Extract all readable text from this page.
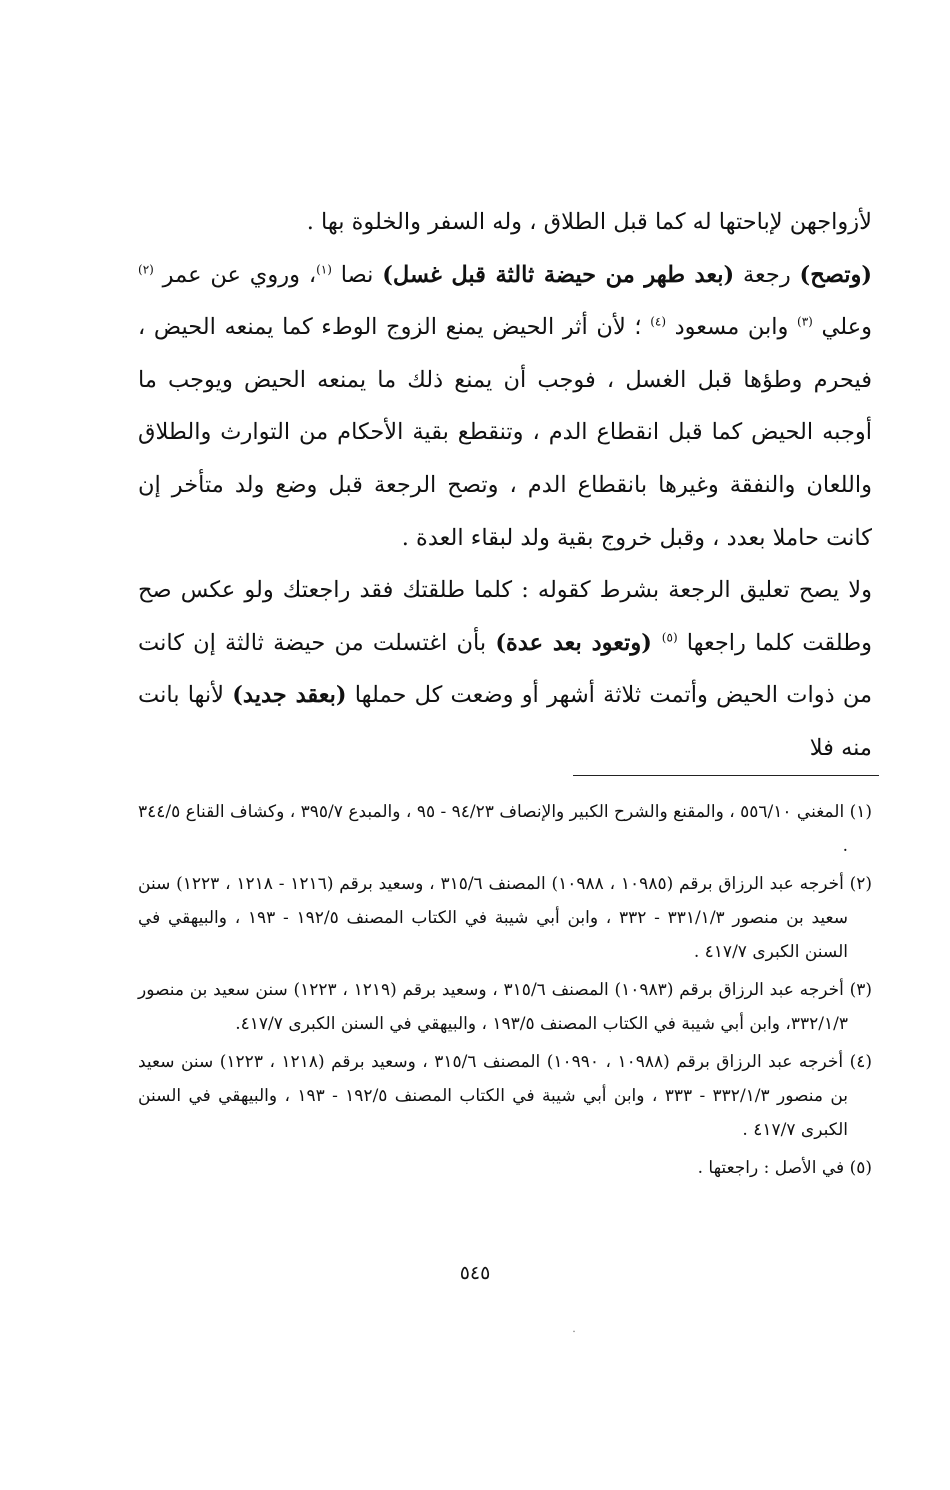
لأزواجهن لإباحتها له كما قبل الطلاق ، وله السفر والخلوة بها .

(وتصح) رجعة (بعد طهر من حيضة ثالثة قبل غسل) نصا $^{(١)}$، وروي عن عمر $^{(٢)}$ وعلي $^{(٣)}$ وابن مسعود $^{(٤)}$ ؛ لأن أثر الحيض يمنع الزوج الوطء كما يمنعه الحيض ، فيحرم وطؤها قبل الغسل ، فوجب أن يمنع ذلك ما يمنعه الحيض ويوجب ما أوجبه الحيض كما قبل انقطاع الدم ، وتنقطع بقية الأحكام من التوارث والطلاق واللعان والنفقة وغيرها بانقطاع الدم ، وتصح الرجعة قبل وضع ولد متأخر إن كانت حاملا بعدد ، وقبل خروج بقية ولد لبقاء العدة .

ولا يصح تعليق الرجعة بشرط كقوله : كلما طلقتك فقد راجعتك ولو عكس صح وطلقت كلما راجعها $^{(٥)}$ (وتعود بعد عدة) بأن اغتسلت من حيضة ثالثة إن كانت من ذوات الحيض وأتمت ثلاثة أشهر أو وضعت كل حملها (بعقد جديد) لأنها بانت منه فلا

(١) المغني ٥٥٦/١٠ ، والمقنع والشرح الكبير والإنصاف ٩٤/٢٣ - ٩٥ ، والمبدع ٣٩٥/٧ ، وكشاف القناع ٣٤٤/٥ .

(٢) أخرجه عبد الرزاق برقم (١٠٩٨٥ ، ١٠٩٨٨) المصنف ٣١٥/٦ ، وسعيد برقم (١٢١٦ - ١٢١٨ ، ١٢٢٣) سنن سعيد بن منصور ٣٣١/١/٣ - ٣٣٢ ، وابن أبي شيبة في الكتاب المصنف ١٩٢/٥ - ١٩٣ ، والبيهقي في السنن الكبرى ٤١٧/٧ .

(٣) أخرجه عبد الرزاق برقم (١٠٩٨٣) المصنف ٣١٥/٦ ، وسعيد برقم (١٢١٩ ، ١٢٢٣) سنن سعيد بن منصور ٣٣٢/١/٣، وابن أبي شيبة في الكتاب المصنف ١٩٣/٥ ، والبيهقي في السنن الكبرى ٤١٧/٧.

(٤) أخرجه عبد الرزاق برقم (١٠٩٨٨ ، ١٠٩٩٠) المصنف ٣١٥/٦ ، وسعيد برقم (١٢١٨ ، ١٢٢٣) سنن سعيد بن منصور ٣٣٢/١/٣ - ٣٣٣ ، وابن أبي شيبة في الكتاب المصنف ١٩٢/٥ - ١٩٣ ، والبيهقي في السنن الكبرى ٤١٧/٧ .

(٥) في الأصل : راجعتها .

٥٤٥
